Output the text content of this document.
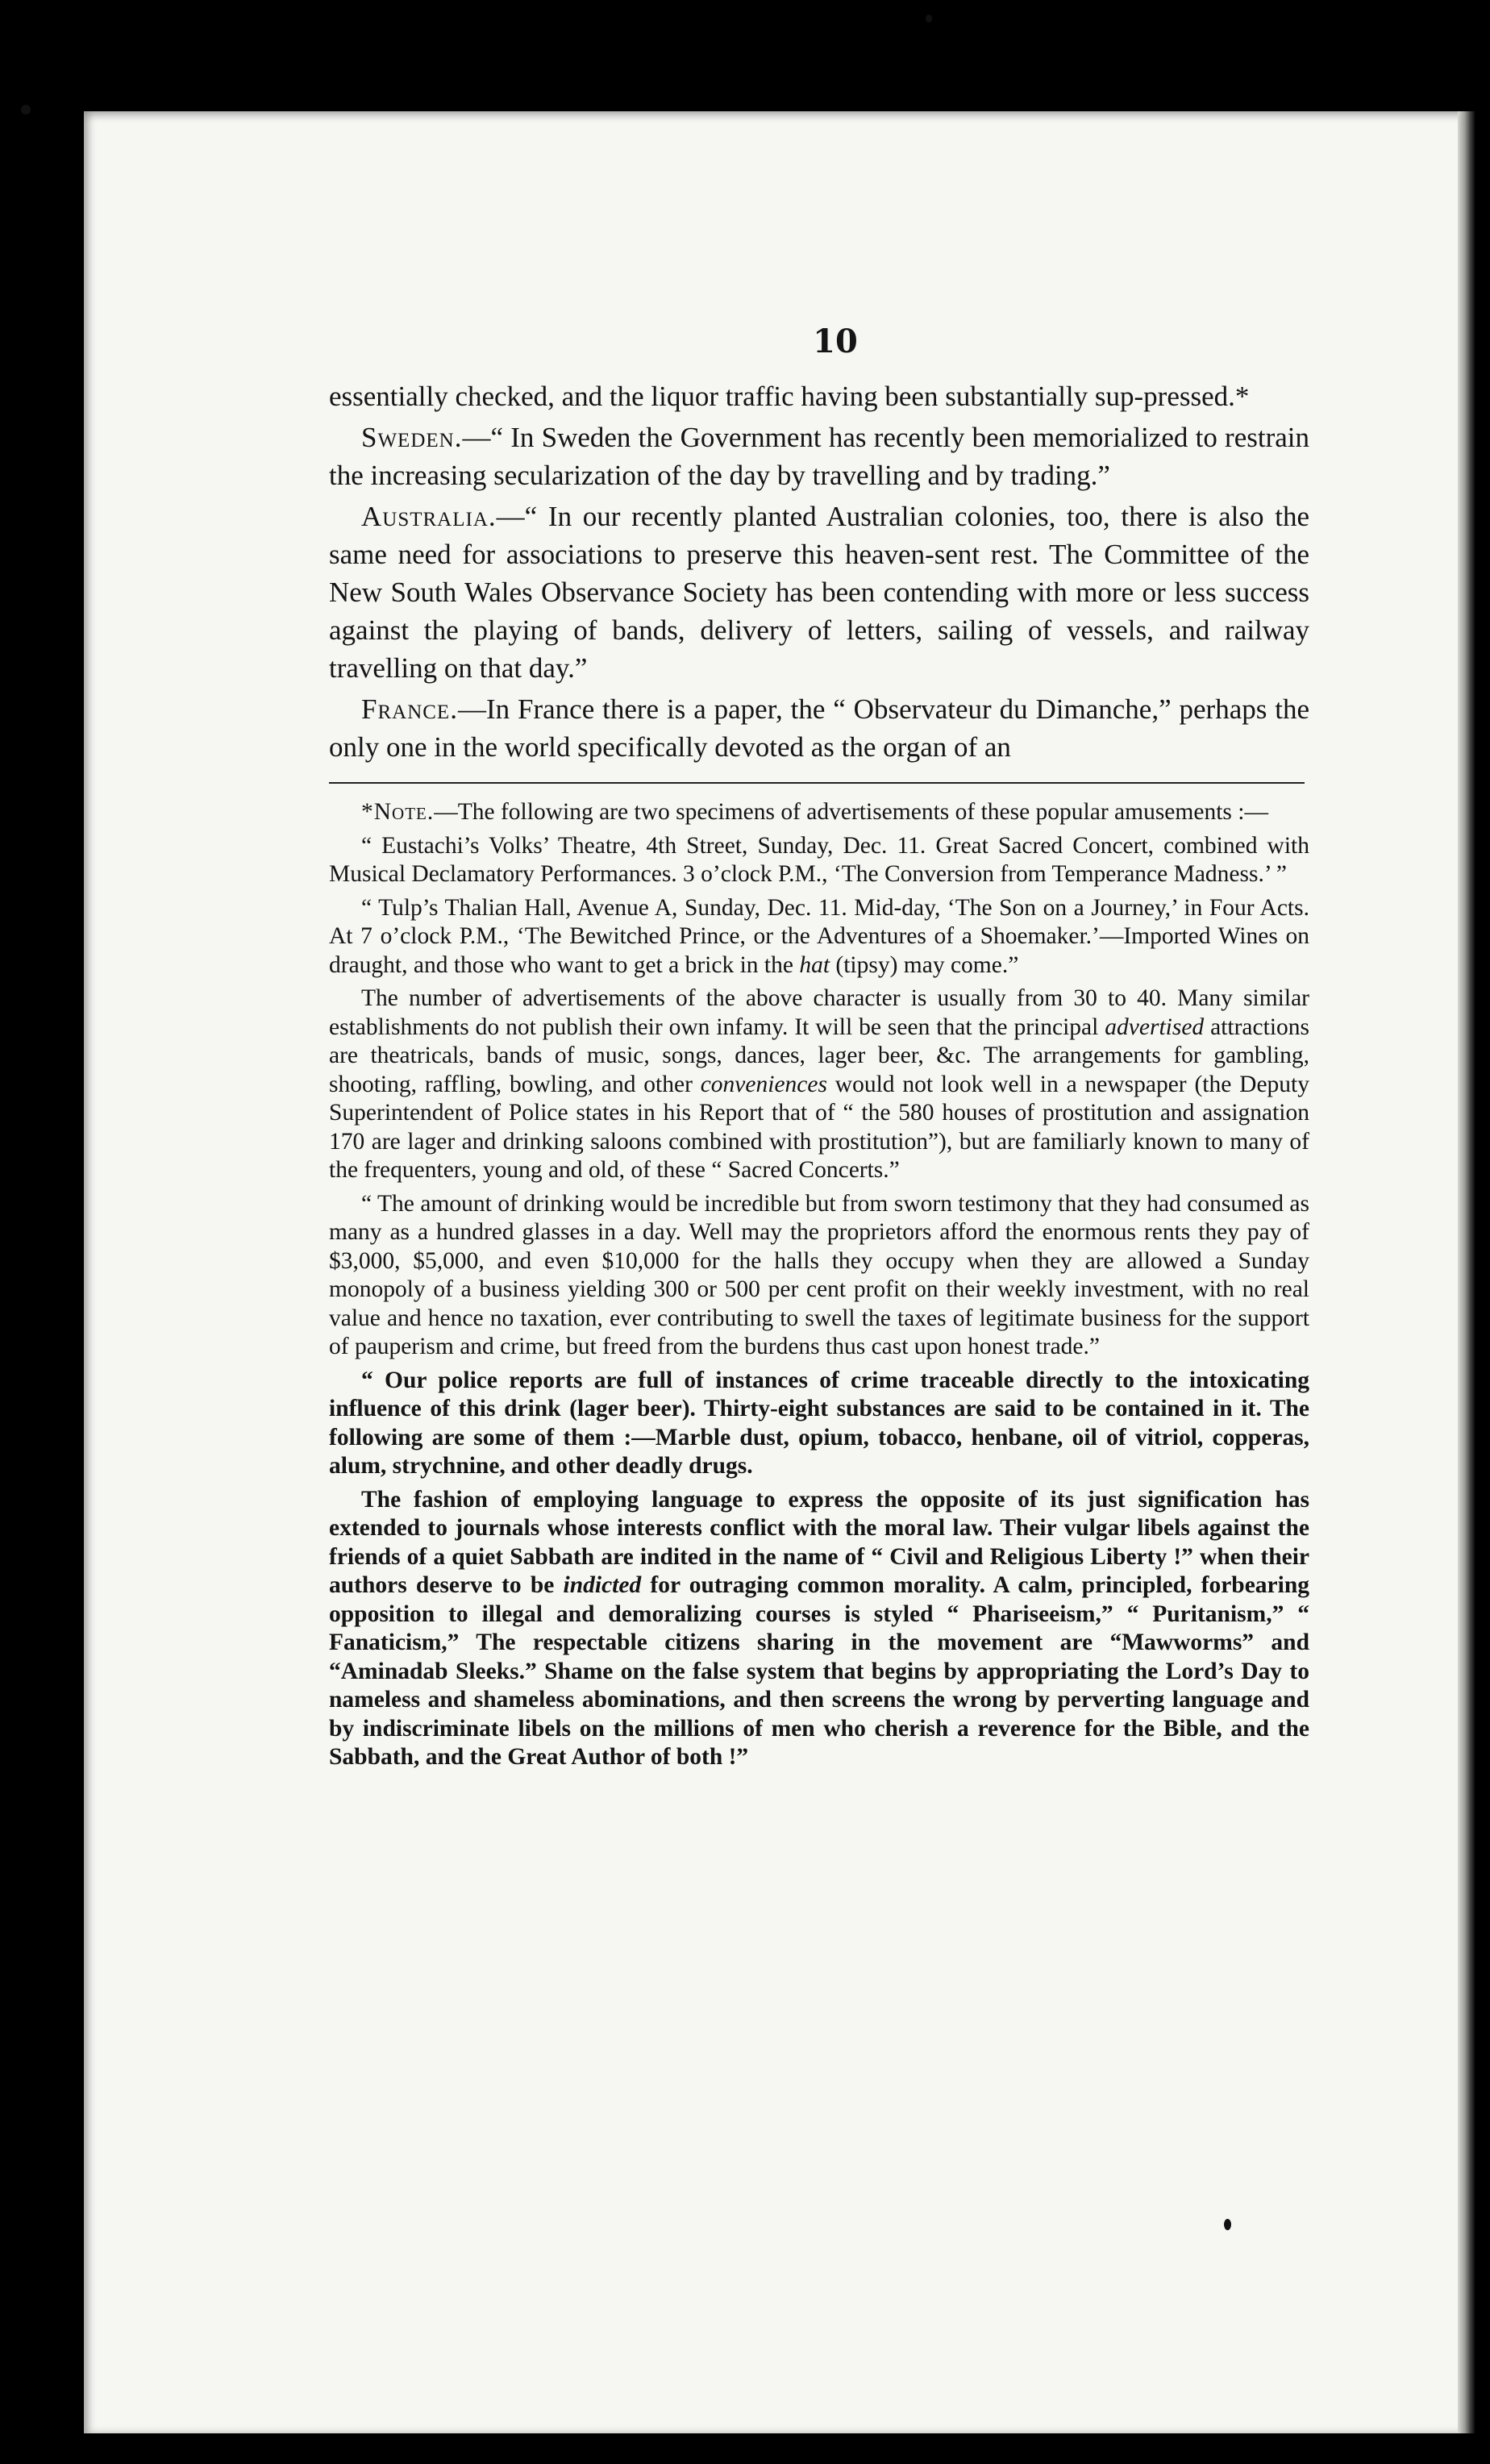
10

essentially checked, and the liquor traffic having been substantially sup-pressed.*

Sweden.—“ In Sweden the Government has recently been memorialized to restrain the increasing secularization of the day by travelling and by trading.”

Australia.—“ In our recently planted Australian colonies, too, there is also the same need for associations to preserve this heaven-sent rest. The Committee of the New South Wales Observance Society has been contending with more or less success against the playing of bands, delivery of letters, sailing of vessels, and railway travelling on that day.”

France.—In France there is a paper, the “ Observateur du Dimanche,” perhaps the only one in the world specifically devoted as the organ of an

*Note.—The following are two specimens of advertisements of these popular amusements :—

“ Eustachi’s Volks’ Theatre, 4th Street, Sunday, Dec. 11. Great Sacred Concert, combined with Musical Declamatory Performances. 3 o’clock P.M., ‘The Conversion from Temperance Madness.’ ”

“ Tulp’s Thalian Hall, Avenue A, Sunday, Dec. 11. Mid-day, ‘The Son on a Journey,’ in Four Acts. At 7 o’clock P.M., ‘The Bewitched Prince, or the Adventures of a Shoemaker.’—Imported Wines on draught, and those who want to get a brick in the hat (tipsy) may come.”

The number of advertisements of the above character is usually from 30 to 40. Many similar establishments do not publish their own infamy. It will be seen that the principal advertised attractions are theatricals, bands of music, songs, dances, lager beer, &c. The arrangements for gambling, shooting, raffling, bowling, and other conveniences would not look well in a newspaper (the Deputy Superintendent of Police states in his Report that of “ the 580 houses of prostitution and assignation 170 are lager and drinking saloons combined with prostitution”), but are familiarly known to many of the frequenters, young and old, of these “ Sacred Concerts.”

“ The amount of drinking would be incredible but from sworn testimony that they had consumed as many as a hundred glasses in a day. Well may the proprietors afford the enormous rents they pay of $3,000, $5,000, and even $10,000 for the halls they occupy when they are allowed a Sunday monopoly of a business yielding 300 or 500 per cent profit on their weekly investment, with no real value and hence no taxation, ever contributing to swell the taxes of legitimate business for the support of pauperism and crime, but freed from the burdens thus cast upon honest trade.”

“ Our police reports are full of instances of crime traceable directly to the intoxicating influence of this drink (lager beer). Thirty-eight substances are said to be contained in it. The following are some of them :—Marble dust, opium, tobacco, henbane, oil of vitriol, copperas, alum, strychnine, and other deadly drugs.

The fashion of employing language to express the opposite of its just signification has extended to journals whose interests conflict with the moral law. Their vulgar libels against the friends of a quiet Sabbath are indited in the name of “ Civil and Religious Liberty !” when their authors deserve to be indicted for outraging common morality. A calm, principled, forbearing opposition to illegal and demoralizing courses is styled “ Phariseeism,” “ Puritanism,” “ Fanaticism,” The respectable citizens sharing in the movement are “Mawworms” and “Aminadab Sleeks.” Shame on the false system that begins by appropriating the Lord’s Day to nameless and shameless abominations, and then screens the wrong by perverting language and by indiscriminate libels on the millions of men who cherish a reverence for the Bible, and the Sabbath, and the Great Author of both !”
